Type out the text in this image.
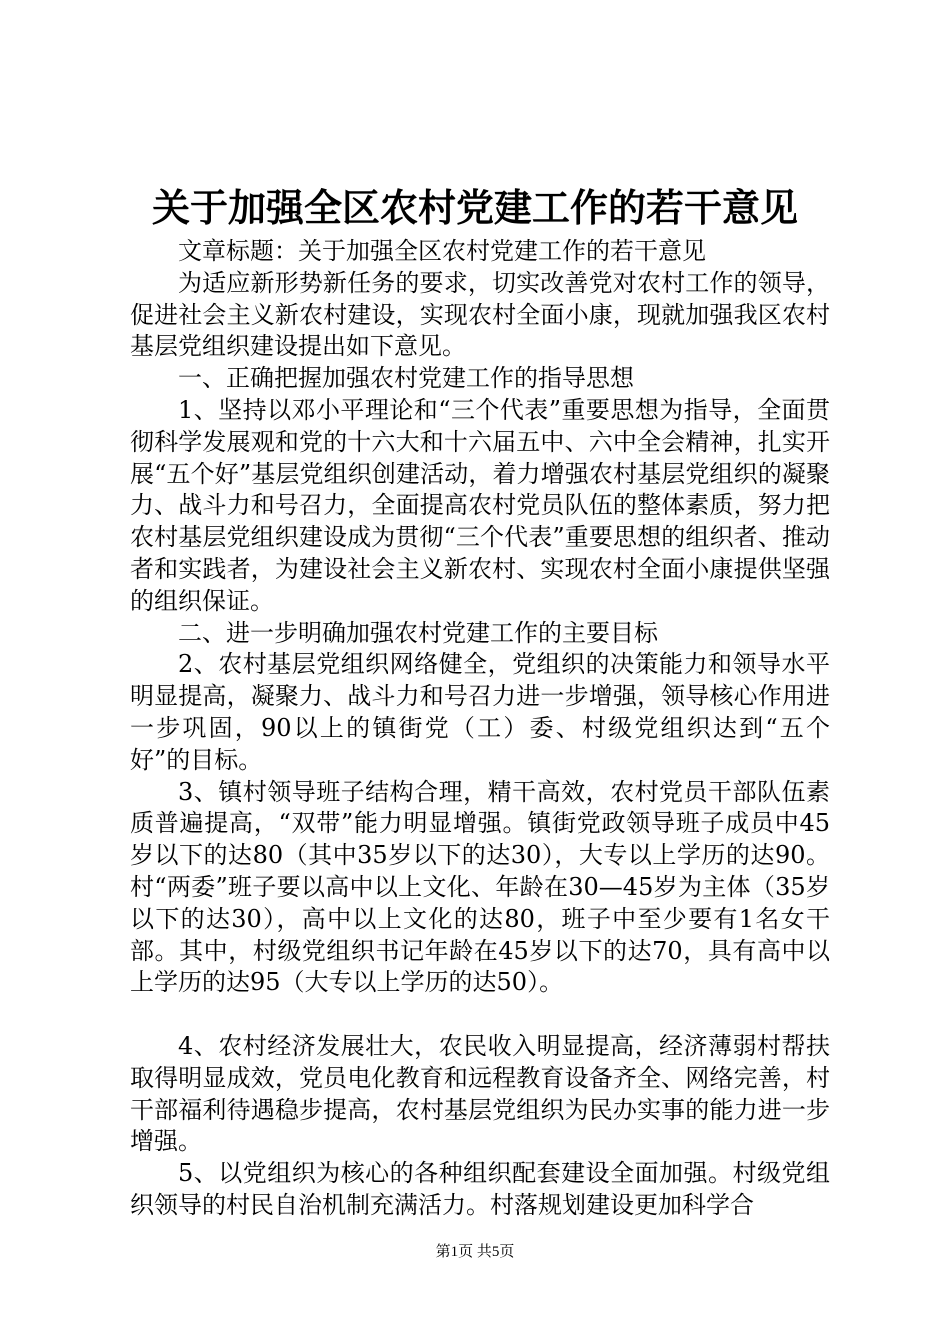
关于加强全区农村党建工作的若干意见

文章标题：关于加强全区农村党建工作的若干意见

为适应新形势新任务的要求，切实改善党对农村工作的领导，促进社会主义新农村建设，实现农村全面小康，现就加强我区农村基层党组织建设提出如下意见。

一、正确把握加强农村党建工作的指导思想

1、坚持以邓小平理论和“三个代表”重要思想为指导，全面贯彻科学发展观和党的十六大和十六届五中、六中全会精神，扎实开展“五个好”基层党组织创建活动，着力增强农村基层党组织的凝聚力、战斗力和号召力，全面提高农村党员队伍的整体素质，努力把农村基层党组织建设成为贯彻“三个代表”重要思想的组织者、推动者和实践者，为建设社会主义新农村、实现农村全面小康提供坚强的组织保证。

二、进一步明确加强农村党建工作的主要目标

2、农村基层党组织网络健全，党组织的决策能力和领导水平明显提高，凝聚力、战斗力和号召力进一步增强，领导核心作用进一步巩固，90以上的镇街党（工）委、村级党组织达到“五个好”的目标。

3、镇村领导班子结构合理，精干高效，农村党员干部队伍素质普遍提高，“双带”能力明显增强。镇街党政领导班子成员中45岁以下的达80（其中35岁以下的达30），大专以上学历的达90。村“两委”班子要以高中以上文化、年龄在30—45岁为主体（35岁以下的达30），高中以上文化的达80，班子中至少要有1名女干部。其中，村级党组织书记年龄在45岁以下的达70，具有高中以上学历的达95（大专以上学历的达50）。

4、农村经济发展壮大，农民收入明显提高，经济薄弱村帮扶取得明显成效，党员电化教育和远程教育设备齐全、网络完善，村干部福利待遇稳步提高，农村基层党组织为民办实事的能力进一步增强。

5、以党组织为核心的各种组织配套建设全面加强。村级党组织领导的村民自治机制充满活力。村落规划建设更加科学合

第1页 共5页
